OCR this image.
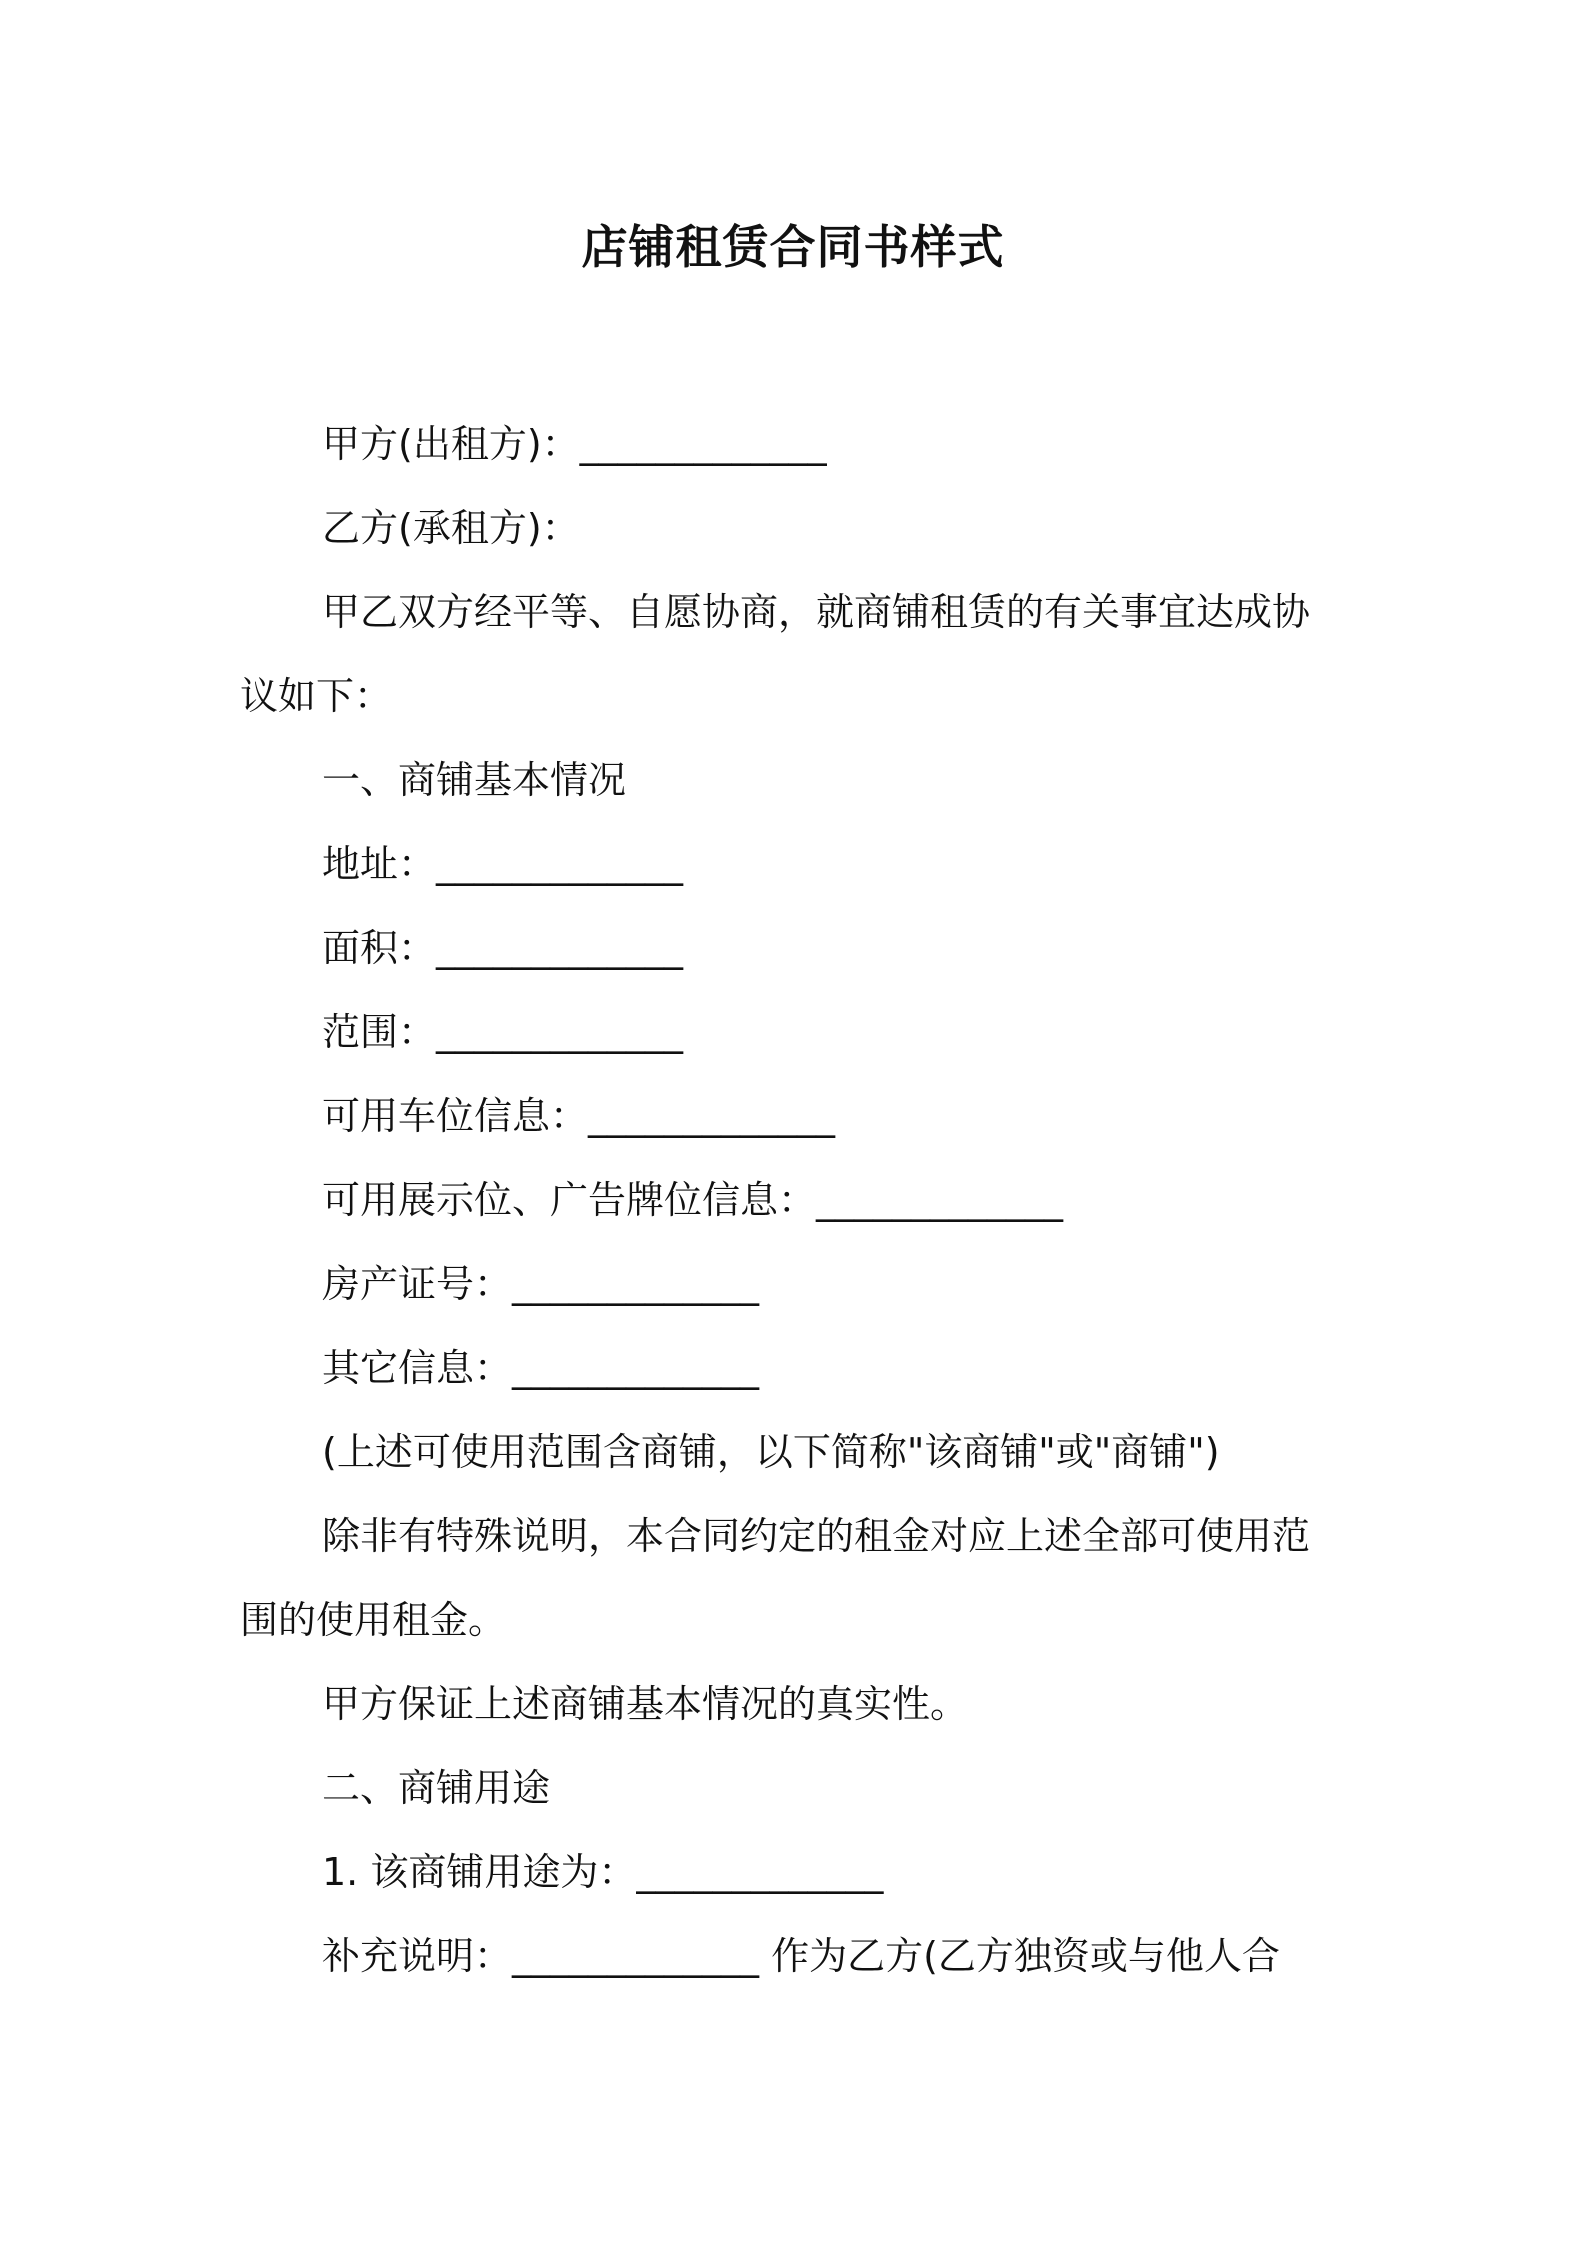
店铺租赁合同书样式
甲方(出租方)：_____________
乙方(承租方)：
甲乙双方经平等、自愿协商，就商铺租赁的有关事宜达成协
议如下：
一、商铺基本情况
地址：_____________
面积：_____________
范围：_____________
可用车位信息：_____________
可用展示位、广告牌位信息：_____________
房产证号：_____________
其它信息：_____________
(上述可使用范围含商铺，以下简称"该商铺"或"商铺")
除非有特殊说明，本合同约定的租金对应上述全部可使用范
围的使用租金。
甲方保证上述商铺基本情况的真实性。
二、商铺用途
1. 该商铺用途为：_____________
补充说明：_____________ 作为乙方(乙方独资或与他人合
